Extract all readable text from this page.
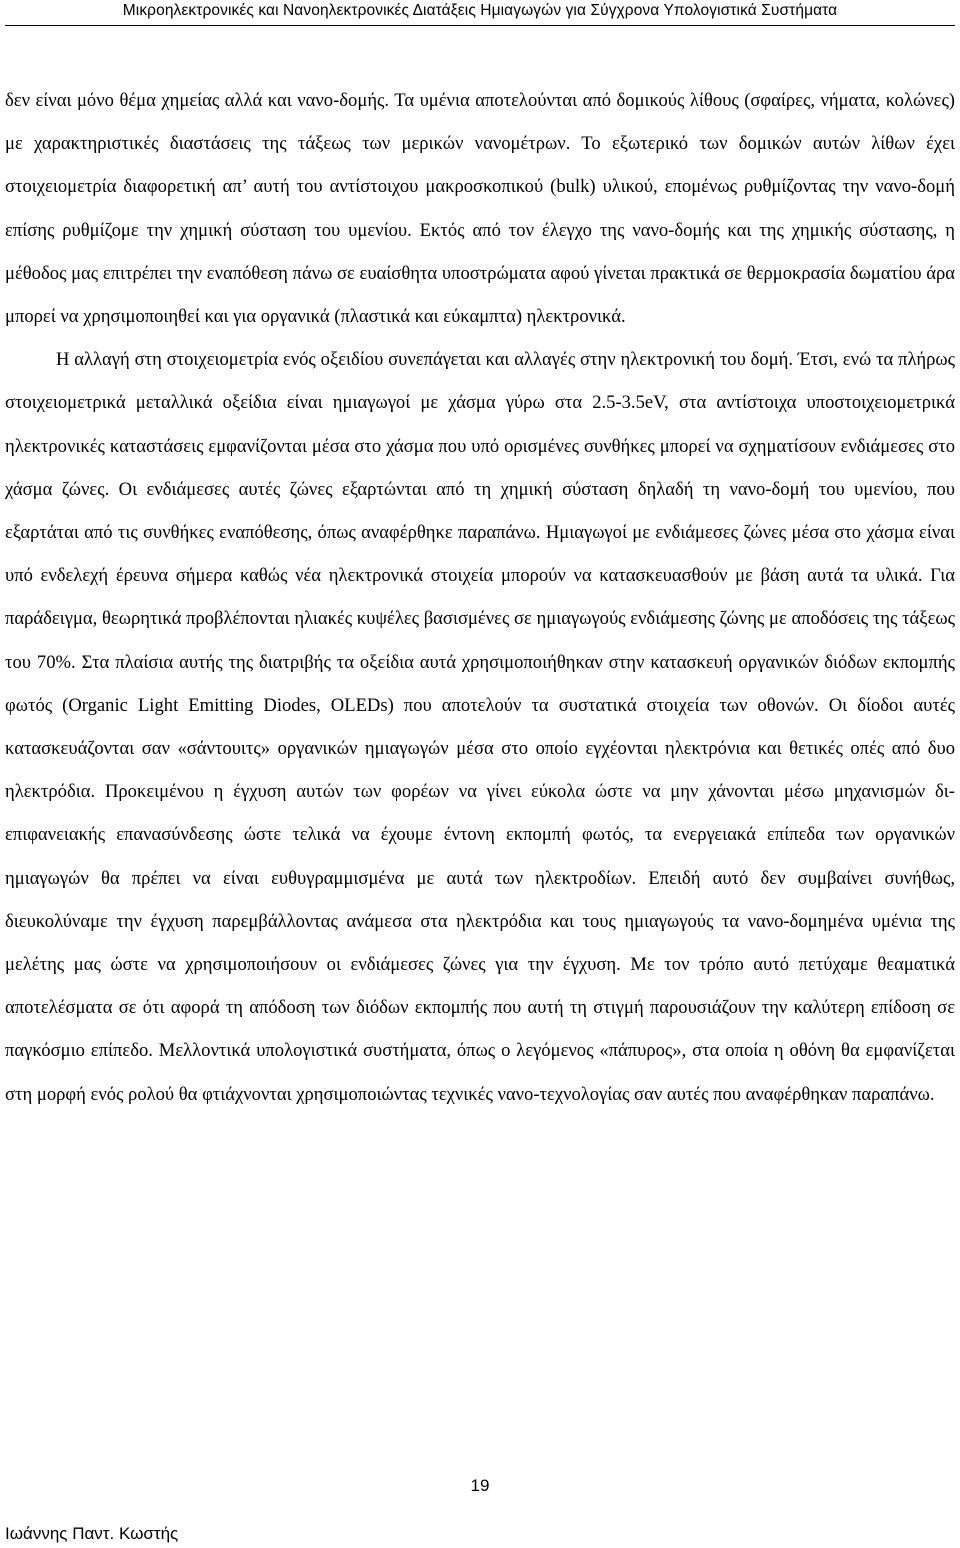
Μικροηλεκτρονικές και Νανοηλεκτρονικές Διατάξεις Ημιαγωγών για Σύγχρονα Υπολογιστικά Συστήματα

δεν είναι μόνο θέμα χημείας αλλά και νανο-δομής. Τα υμένια αποτελούνται από δομικούς λίθους (σφαίρες, νήματα, κολώνες) με χαρακτηριστικές διαστάσεις της τάξεως των μερικών νανομέτρων. Το εξωτερικό των δομικών αυτών λίθων έχει στοιχειομετρία διαφορετική απ’ αυτή του αντίστοιχου μακροσκοπικού (bulk) υλικού, επομένως ρυθμίζοντας την νανο-δομή επίσης ρυθμίζομε την χημική σύσταση του υμενίου. Εκτός από τον έλεγχο της νανο-δομής και της χημικής σύστασης, η μέθοδος μας επιτρέπει την εναπόθεση πάνω σε ευαίσθητα υποστρώματα αφού γίνεται πρακτικά σε θερμοκρασία δωματίου άρα μπορεί να χρησιμοποιηθεί και για οργανικά (πλαστικά και εύκαμπτα) ηλεκτρονικά.

Η αλλαγή στη στοιχειομετρία ενός οξειδίου συνεπάγεται και αλλαγές στην ηλεκτρονική του δομή. Έτσι, ενώ τα πλήρως στοιχειομετρικά μεταλλικά οξείδια είναι ημιαγωγοί με χάσμα γύρω στα 2.5-3.5eV, στα αντίστοιχα υποστοιχειομετρικά ηλεκτρονικές καταστάσεις εμφανίζονται μέσα στο χάσμα που υπό ορισμένες συνθήκες μπορεί να σχηματίσουν ενδιάμεσες στο χάσμα ζώνες. Οι ενδιάμεσες αυτές ζώνες εξαρτώνται από τη χημική σύσταση δηλαδή τη νανο-δομή του υμενίου, που εξαρτάται από τις συνθήκες εναπόθεσης, όπως αναφέρθηκε παραπάνω. Ημιαγωγοί με ενδιάμεσες ζώνες μέσα στο χάσμα είναι υπό ενδελεχή έρευνα σήμερα καθώς νέα ηλεκτρονικά στοιχεία μπορούν να κατασκευασθούν με βάση αυτά τα υλικά. Για παράδειγμα, θεωρητικά προβλέπονται ηλιακές κυψέλες βασισμένες σε ημιαγωγούς ενδιάμεσης ζώνης με αποδόσεις της τάξεως του 70%. Στα πλαίσια αυτής της διατριβής τα οξείδια αυτά χρησιμοποιήθηκαν στην κατασκευή οργανικών διόδων εκπομπής φωτός (Organic Light Emitting Diodes, OLEDs) που αποτελούν τα συστατικά στοιχεία των οθονών. Οι δίοδοι αυτές κατασκευάζονται σαν «σάντουιτς» οργανικών ημιαγωγών μέσα στο οποίο εγχέονται ηλεκτρόνια και θετικές οπές από δυο ηλεκτρόδια. Προκειμένου η έγχυση αυτών των φορέων να γίνει εύκολα ώστε να μην χάνονται μέσω μηχανισμών δι-επιφανειακής επανασύνδεσης ώστε τελικά να έχουμε έντονη εκπομπή φωτός, τα ενεργειακά επίπεδα των οργανικών ημιαγωγών θα πρέπει να είναι ευθυγραμμισμένα με αυτά των ηλεκτροδίων. Επειδή αυτό δεν συμβαίνει συνήθως, διευκολύναμε την έγχυση παρεμβάλλοντας ανάμεσα στα ηλεκτρόδια και τους ημιαγωγούς τα νανο-δομημένα υμένια της μελέτης μας ώστε να χρησιμοποιήσουν οι ενδιάμεσες ζώνες για την έγχυση. Με τον τρόπο αυτό πετύχαμε θεαματικά αποτελέσματα σε ότι αφορά τη απόδοση των διόδων εκπομπής που αυτή τη στιγμή παρουσιάζουν την καλύτερη επίδοση σε παγκόσμιο επίπεδο. Μελλοντικά υπολογιστικά συστήματα, όπως ο λεγόμενος «πάπυρος», στα οποία η οθόνη θα εμφανίζεται στη μορφή ενός ρολού θα φτιάχνονται χρησιμοποιώντας τεχνικές νανο-τεχνολογίας σαν αυτές που αναφέρθηκαν παραπάνω.

19
Ιωάννης Παντ. Κωστής
